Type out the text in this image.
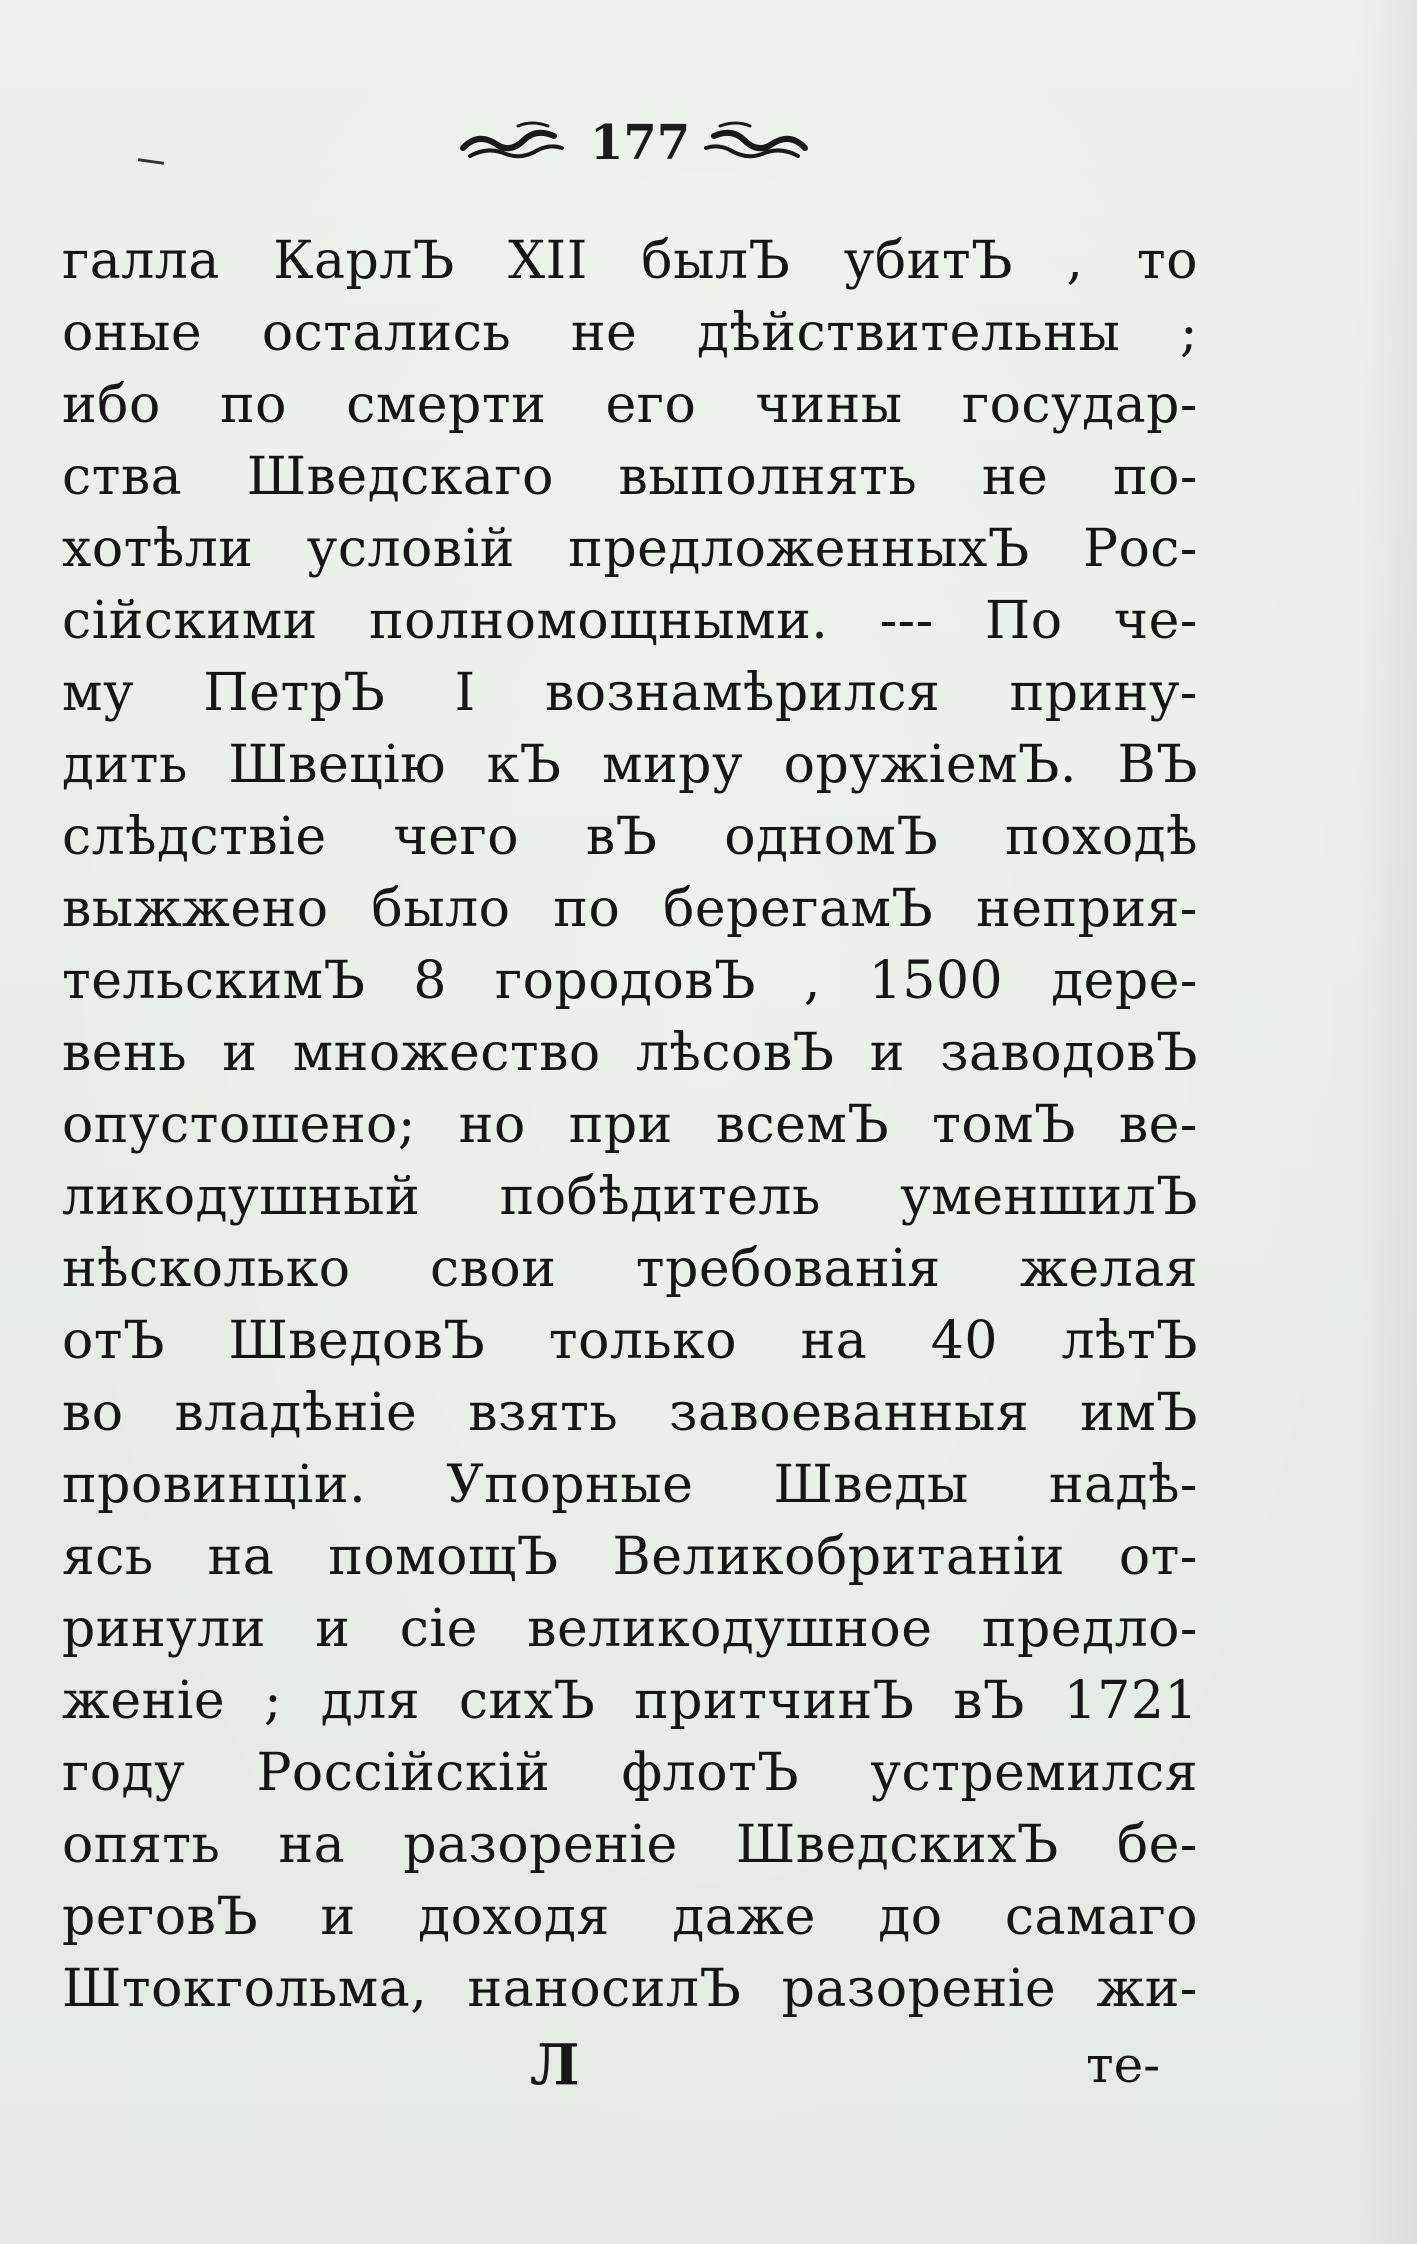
177
галла КарлЪ XII былЪ убитЪ , то
оные остались не дѣйствительны ;
ибо по смерти его чины государ-
ства Шведскаго выполнять не по-
хотѣли условій предложенныхЪ Рос-
сійскими полномощными. --- По че-
му ПетрЪ I вознамѣрился прину-
дить Швецію кЪ миру оружіемЪ. ВЪ
слѣдствіе чего вЪ одномЪ походѣ
выжжено было по берегамЪ неприя-
тельскимЪ 8 городовЪ , 1500 дере-
вень и множество лѣсовЪ и заводовЪ
опустошено; но при всемЪ томЪ ве-
ликодушный побѣдитель уменшилЪ
нѣсколько свои требованія желая
отЪ ШведовЪ только на 40 лѣтЪ
во владѣніе взять завоеванныя имЪ
провинціи. Упорные Шведы надѣ-
ясь на помощЪ Великобританіи от-
ринули и сіе великодушное предло-
женіе ; для сихЪ притчинЪ вЪ 1721
году Россійскій флотЪ устремился
опять на разореніе ШведскихЪ бе-
реговЪ и доходя даже до самаго
Штокгольма, наносилЪ разореніе жи-
Л	те-
